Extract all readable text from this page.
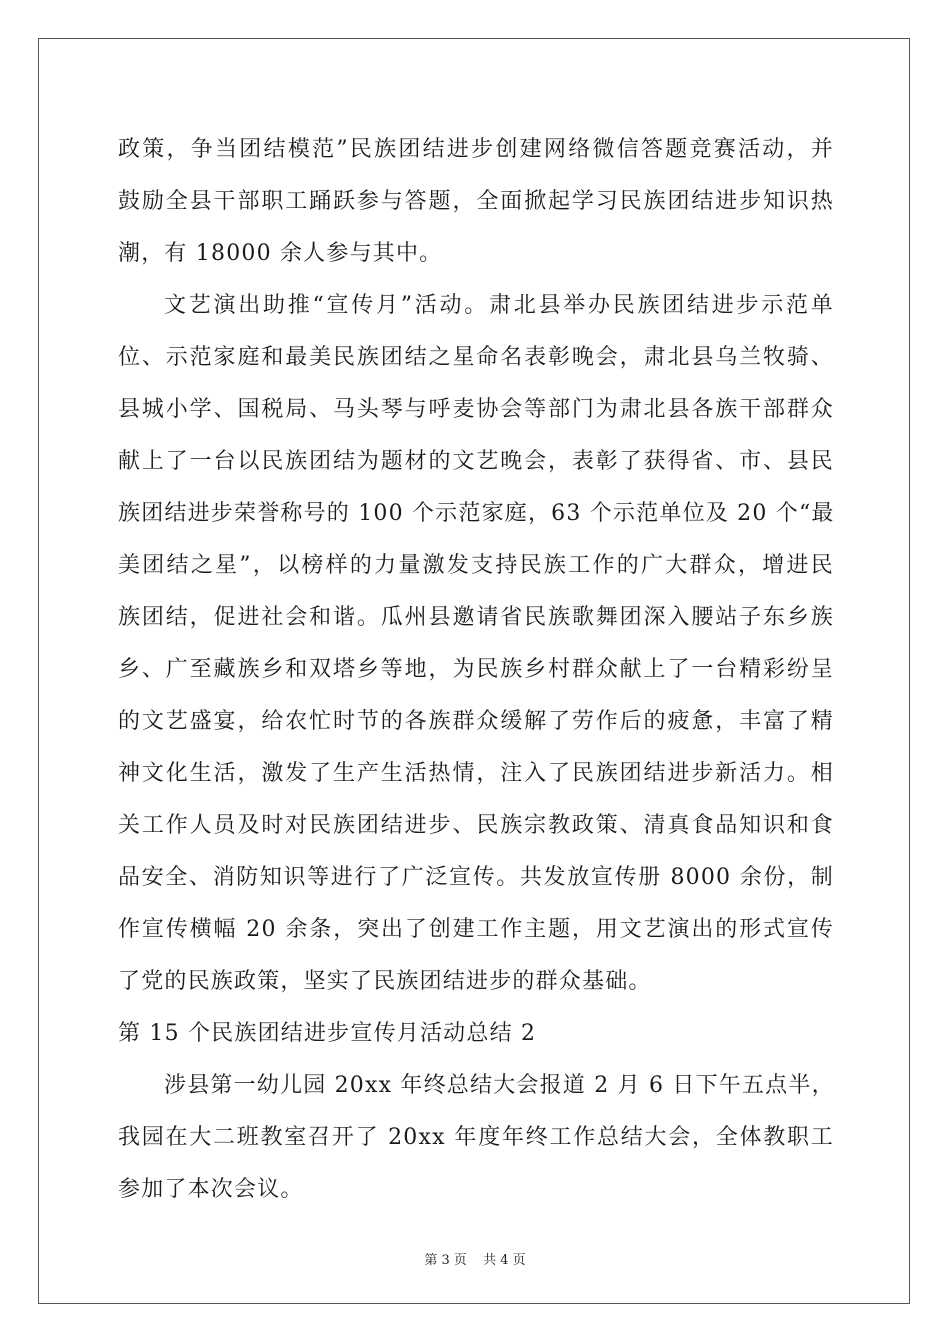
政策，争当团结模范”民族团结进步创建网络微信答题竞赛活动，并
鼓励全县干部职工踊跃参与答题，全面掀起学习民族团结进步知识热
潮，有 18000 余人参与其中。
文艺演出助推“宣传月”活动。肃北县举办民族团结进步示范单
位、示范家庭和最美民族团结之星命名表彰晚会，肃北县乌兰牧骑、
县城小学、国税局、马头琴与呼麦协会等部门为肃北县各族干部群众
献上了一台以民族团结为题材的文艺晚会，表彰了获得省、市、县民
族团结进步荣誉称号的 100 个示范家庭，63 个示范单位及 20 个“最
美团结之星”，以榜样的力量激发支持民族工作的广大群众，增进民
族团结，促进社会和谐。瓜州县邀请省民族歌舞团深入腰站子东乡族
乡、广至藏族乡和双塔乡等地，为民族乡村群众献上了一台精彩纷呈
的文艺盛宴，给农忙时节的各族群众缓解了劳作后的疲惫，丰富了精
神文化生活，激发了生产生活热情，注入了民族团结进步新活力。相
关工作人员及时对民族团结进步、民族宗教政策、清真食品知识和食
品安全、消防知识等进行了广泛宣传。共发放宣传册 8000 余份，制
作宣传横幅 20 余条，突出了创建工作主题，用文艺演出的形式宣传
了党的民族政策，坚实了民族团结进步的群众基础。
第 15 个民族团结进步宣传月活动总结 2
涉县第一幼儿园 20xx 年终总结大会报道 2 月 6 日下午五点半，
我园在大二班教室召开了 20xx 年度年终工作总结大会，全体教职工
参加了本次会议。
第 3 页 共 4 页
